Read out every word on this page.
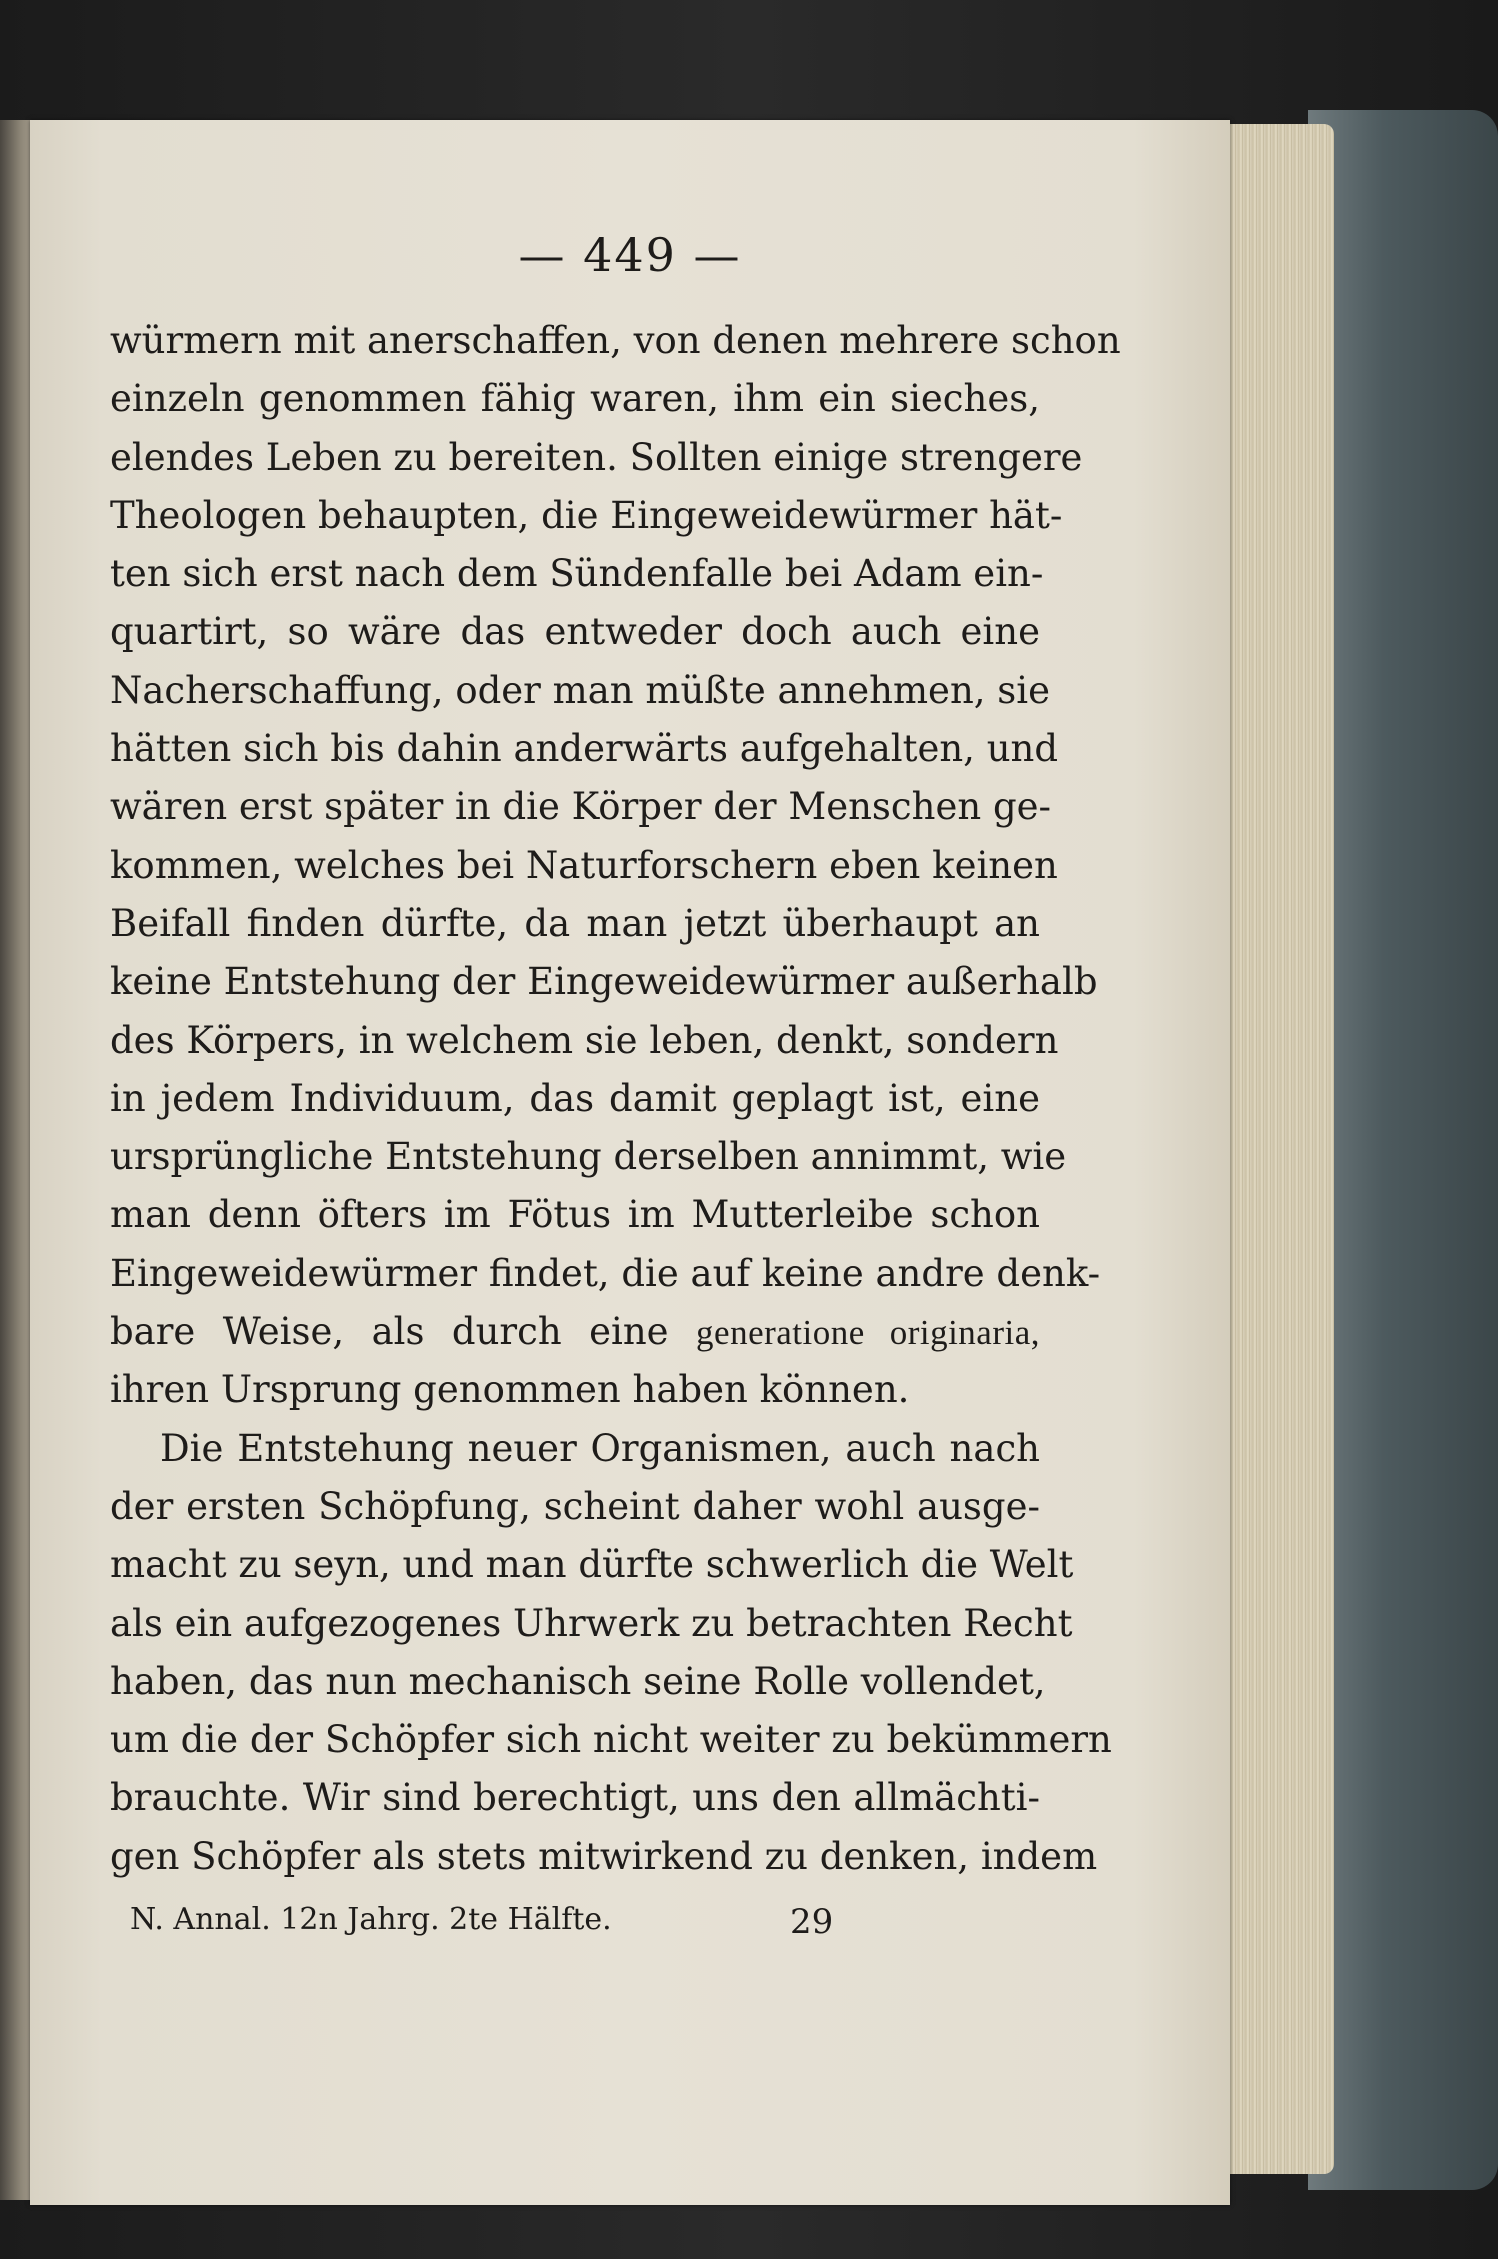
— 449 —
würmern mit anerschaffen, von denen mehrere schon
einzeln genommen fähig waren, ihm ein sieches,
elendes Leben zu bereiten. Sollten einige strengere
Theologen behaupten, die Eingeweidewürmer hät-
ten sich erst nach dem Sündenfalle bei Adam ein-
quartirt, so wäre das entweder doch auch eine
Nacherschaffung, oder man müßte annehmen, sie
hätten sich bis dahin anderwärts aufgehalten, und
wären erst später in die Körper der Menschen ge-
kommen, welches bei Naturforschern eben keinen
Beifall finden dürfte, da man jetzt überhaupt an
keine Entstehung der Eingeweidewürmer außerhalb
des Körpers, in welchem sie leben, denkt, sondern
in jedem Individuum, das damit geplagt ist, eine
ursprüngliche Entstehung derselben annimmt, wie
man denn öfters im Fötus im Mutterleibe schon
Eingeweidewürmer findet, die auf keine andre denk-
bare Weise, als durch eine generatione originaria,
ihren Ursprung genommen haben können.
Die Entstehung neuer Organismen, auch nach
der ersten Schöpfung, scheint daher wohl ausge-
macht zu seyn, und man dürfte schwerlich die Welt
als ein aufgezogenes Uhrwerk zu betrachten Recht
haben, das nun mechanisch seine Rolle vollendet,
um die der Schöpfer sich nicht weiter zu bekümmern
brauchte. Wir sind berechtigt, uns den allmächti-
gen Schöpfer als stets mitwirkend zu denken, indem
N. Annal. 12n Jahrg. 2te Hälfte.	29
